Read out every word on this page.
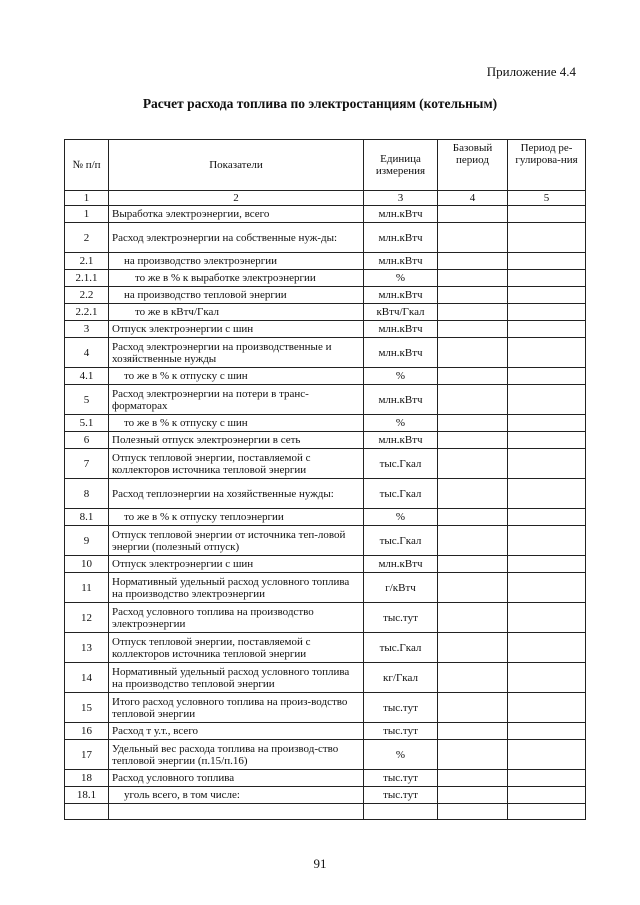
Приложение 4.4
Расчет расхода топлива по электростанциям (котельным)
№ п/п	Показатели	Единица измерения	Базовый период	Период ре-гулирова-ния
1	2	3	4	5
1	Выработка электроэнергии, всего	млн.кВтч		
2	Расход электроэнергии на собственные нуж-ды:	млн.кВтч		
2.1	на производство электроэнергии	млн.кВтч		
2.1.1	то же в % к выработке электроэнергии	%		
2.2	на производство тепловой энергии	млн.кВтч		
2.2.1	то же в кВтч/Гкал	кВтч/Гкал		
3	Отпуск электроэнергии с шин	млн.кВтч		
4	Расход электроэнергии на производственные и хозяйственные нужды	млн.кВтч		
4.1	то же в % к отпуску с шин	%		
5	Расход электроэнергии на потери в транс-форматорах	млн.кВтч		
5.1	то же в % к отпуску с шин	%		
6	Полезный отпуск электроэнергии в сеть	млн.кВтч		
7	Отпуск тепловой энергии, поставляемой с коллекторов источника тепловой энергии	тыс.Гкал		
8	Расход теплоэнергии на хозяйственные нужды:	тыс.Гкал		
8.1	то же в % к отпуску теплоэнергии	%		
9	Отпуск тепловой энергии от источника теп-ловой энергии (полезный отпуск)	тыс.Гкал		
10	Отпуск электроэнергии с шин	млн.кВтч		
11	Нормативный удельный расход условного топлива на производство электроэнергии	г/кВтч		
12	Расход условного топлива на производство электроэнергии	тыс.тут		
13	Отпуск тепловой энергии, поставляемой с коллекторов источника тепловой энергии	тыс.Гкал		
14	Нормативный удельный расход условного топлива на производство тепловой энергии	кг/Гкал		
15	Итого расход условного топлива на произ-водство тепловой энергии	тыс.тут		
16	Расход т у.т., всего	тыс.тут		
17	Удельный вес расхода топлива на производ-ство тепловой энергии (п.15/п.16)	%		
18	Расход условного топлива	тыс.тут		
18.1	уголь всего, в том числе:	тыс.тут		

91
